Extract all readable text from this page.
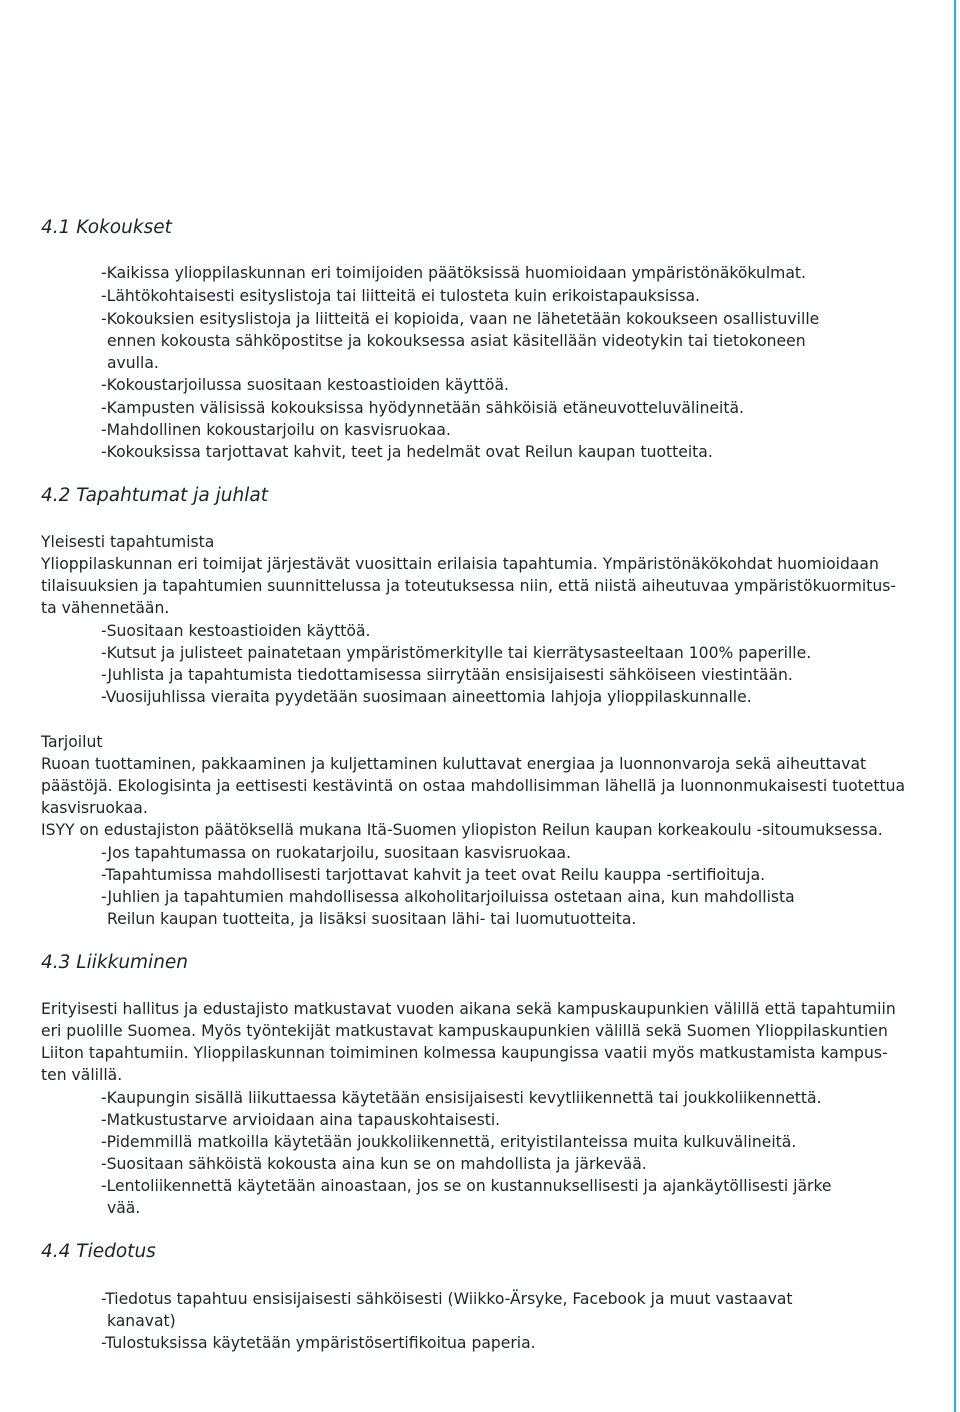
4.1 Kokoukset
-Kaikissa ylioppilaskunnan eri toimijoiden päätöksissä huomioidaan ympäristönäkökulmat.
-Lähtökohtaisesti esityslistoja tai liitteitä ei tulosteta kuin erikoistapauksissa.
-Kokouksien esityslistoja ja liitteitä ei kopioida, vaan ne lähetetään kokoukseen osallistuville
ennen kokousta sähköpostitse ja kokouksessa asiat käsitellään videotykin tai tietokoneen
avulla.
-Kokoustarjoilussa suositaan kestoastioiden käyttöä.
-Kampusten välisissä kokouksissa hyödynnetään sähköisiä etäneuvotteluvälineitä.
-Mahdollinen kokoustarjoilu on kasvisruokaa.
-Kokouksissa tarjottavat kahvit, teet ja hedelmät ovat Reilun kaupan tuotteita.
4.2 Tapahtumat ja juhlat
Yleisesti tapahtumista
Ylioppilaskunnan eri toimijat järjestävät vuosittain erilaisia tapahtumia. Ympäristönäkökohdat huomioidaan
tilaisuuksien ja tapahtumien suunnittelussa ja toteutuksessa niin, että niistä aiheutuvaa ympäristökuormitus-
ta vähennetään.
-Suositaan kestoastioiden käyttöä.
-Kutsut ja julisteet painatetaan ympäristömerkitylle tai kierrätysasteeltaan 100% paperille.
-Juhlista ja tapahtumista tiedottamisessa siirrytään ensisijaisesti sähköiseen viestintään.
-Vuosijuhlissa vieraita pyydetään suosimaan aineettomia lahjoja ylioppilaskunnalle.
Tarjoilut
Ruoan tuottaminen, pakkaaminen ja kuljettaminen kuluttavat energiaa ja luonnonvaroja sekä aiheuttavat
päästöjä. Ekologisinta ja eettisesti kestävintä on ostaa mahdollisimman lähellä ja luonnonmukaisesti tuotettua
kasvisruokaa.
ISYY on edustajiston päätöksellä mukana Itä-Suomen yliopiston Reilun kaupan korkeakoulu -sitoumuksessa.
-Jos tapahtumassa on ruokatarjoilu, suositaan kasvisruokaa.
-Tapahtumissa mahdollisesti tarjottavat kahvit ja teet ovat Reilu kauppa -sertifioituja.
-Juhlien ja tapahtumien mahdollisessa alkoholitarjoiluissa ostetaan aina, kun mahdollista
Reilun kaupan tuotteita, ja lisäksi suositaan lähi- tai luomutuotteita.
4.3 Liikkuminen
Erityisesti hallitus ja edustajisto matkustavat vuoden aikana sekä kampuskaupunkien välillä että tapahtumiin
eri puolille Suomea. Myös työntekijät matkustavat kampuskaupunkien välillä sekä Suomen Ylioppilaskuntien
Liiton tapahtumiin. Ylioppilaskunnan toimiminen kolmessa kaupungissa vaatii myös matkustamista kampus-
ten välillä.
-Kaupungin sisällä liikuttaessa käytetään ensisijaisesti kevytliikennettä tai joukkoliikennettä.
-Matkustustarve arvioidaan aina tapauskohtaisesti.
-Pidemmillä matkoilla käytetään joukkoliikennettä, erityistilanteissa muita kulkuvälineitä.
-Suositaan sähköistä kokousta aina kun se on mahdollista ja järkevää.
-Lentoliikennettä käytetään ainoastaan, jos se on kustannuksellisesti ja ajankäytöllisesti järke
vää.
4.4 Tiedotus
-Tiedotus tapahtuu ensisijaisesti sähköisesti (Wiikko-Ärsyke, Facebook ja muut vastaavat
kanavat)
-Tulostuksissa käytetään ympäristösertifikoitua paperia.
